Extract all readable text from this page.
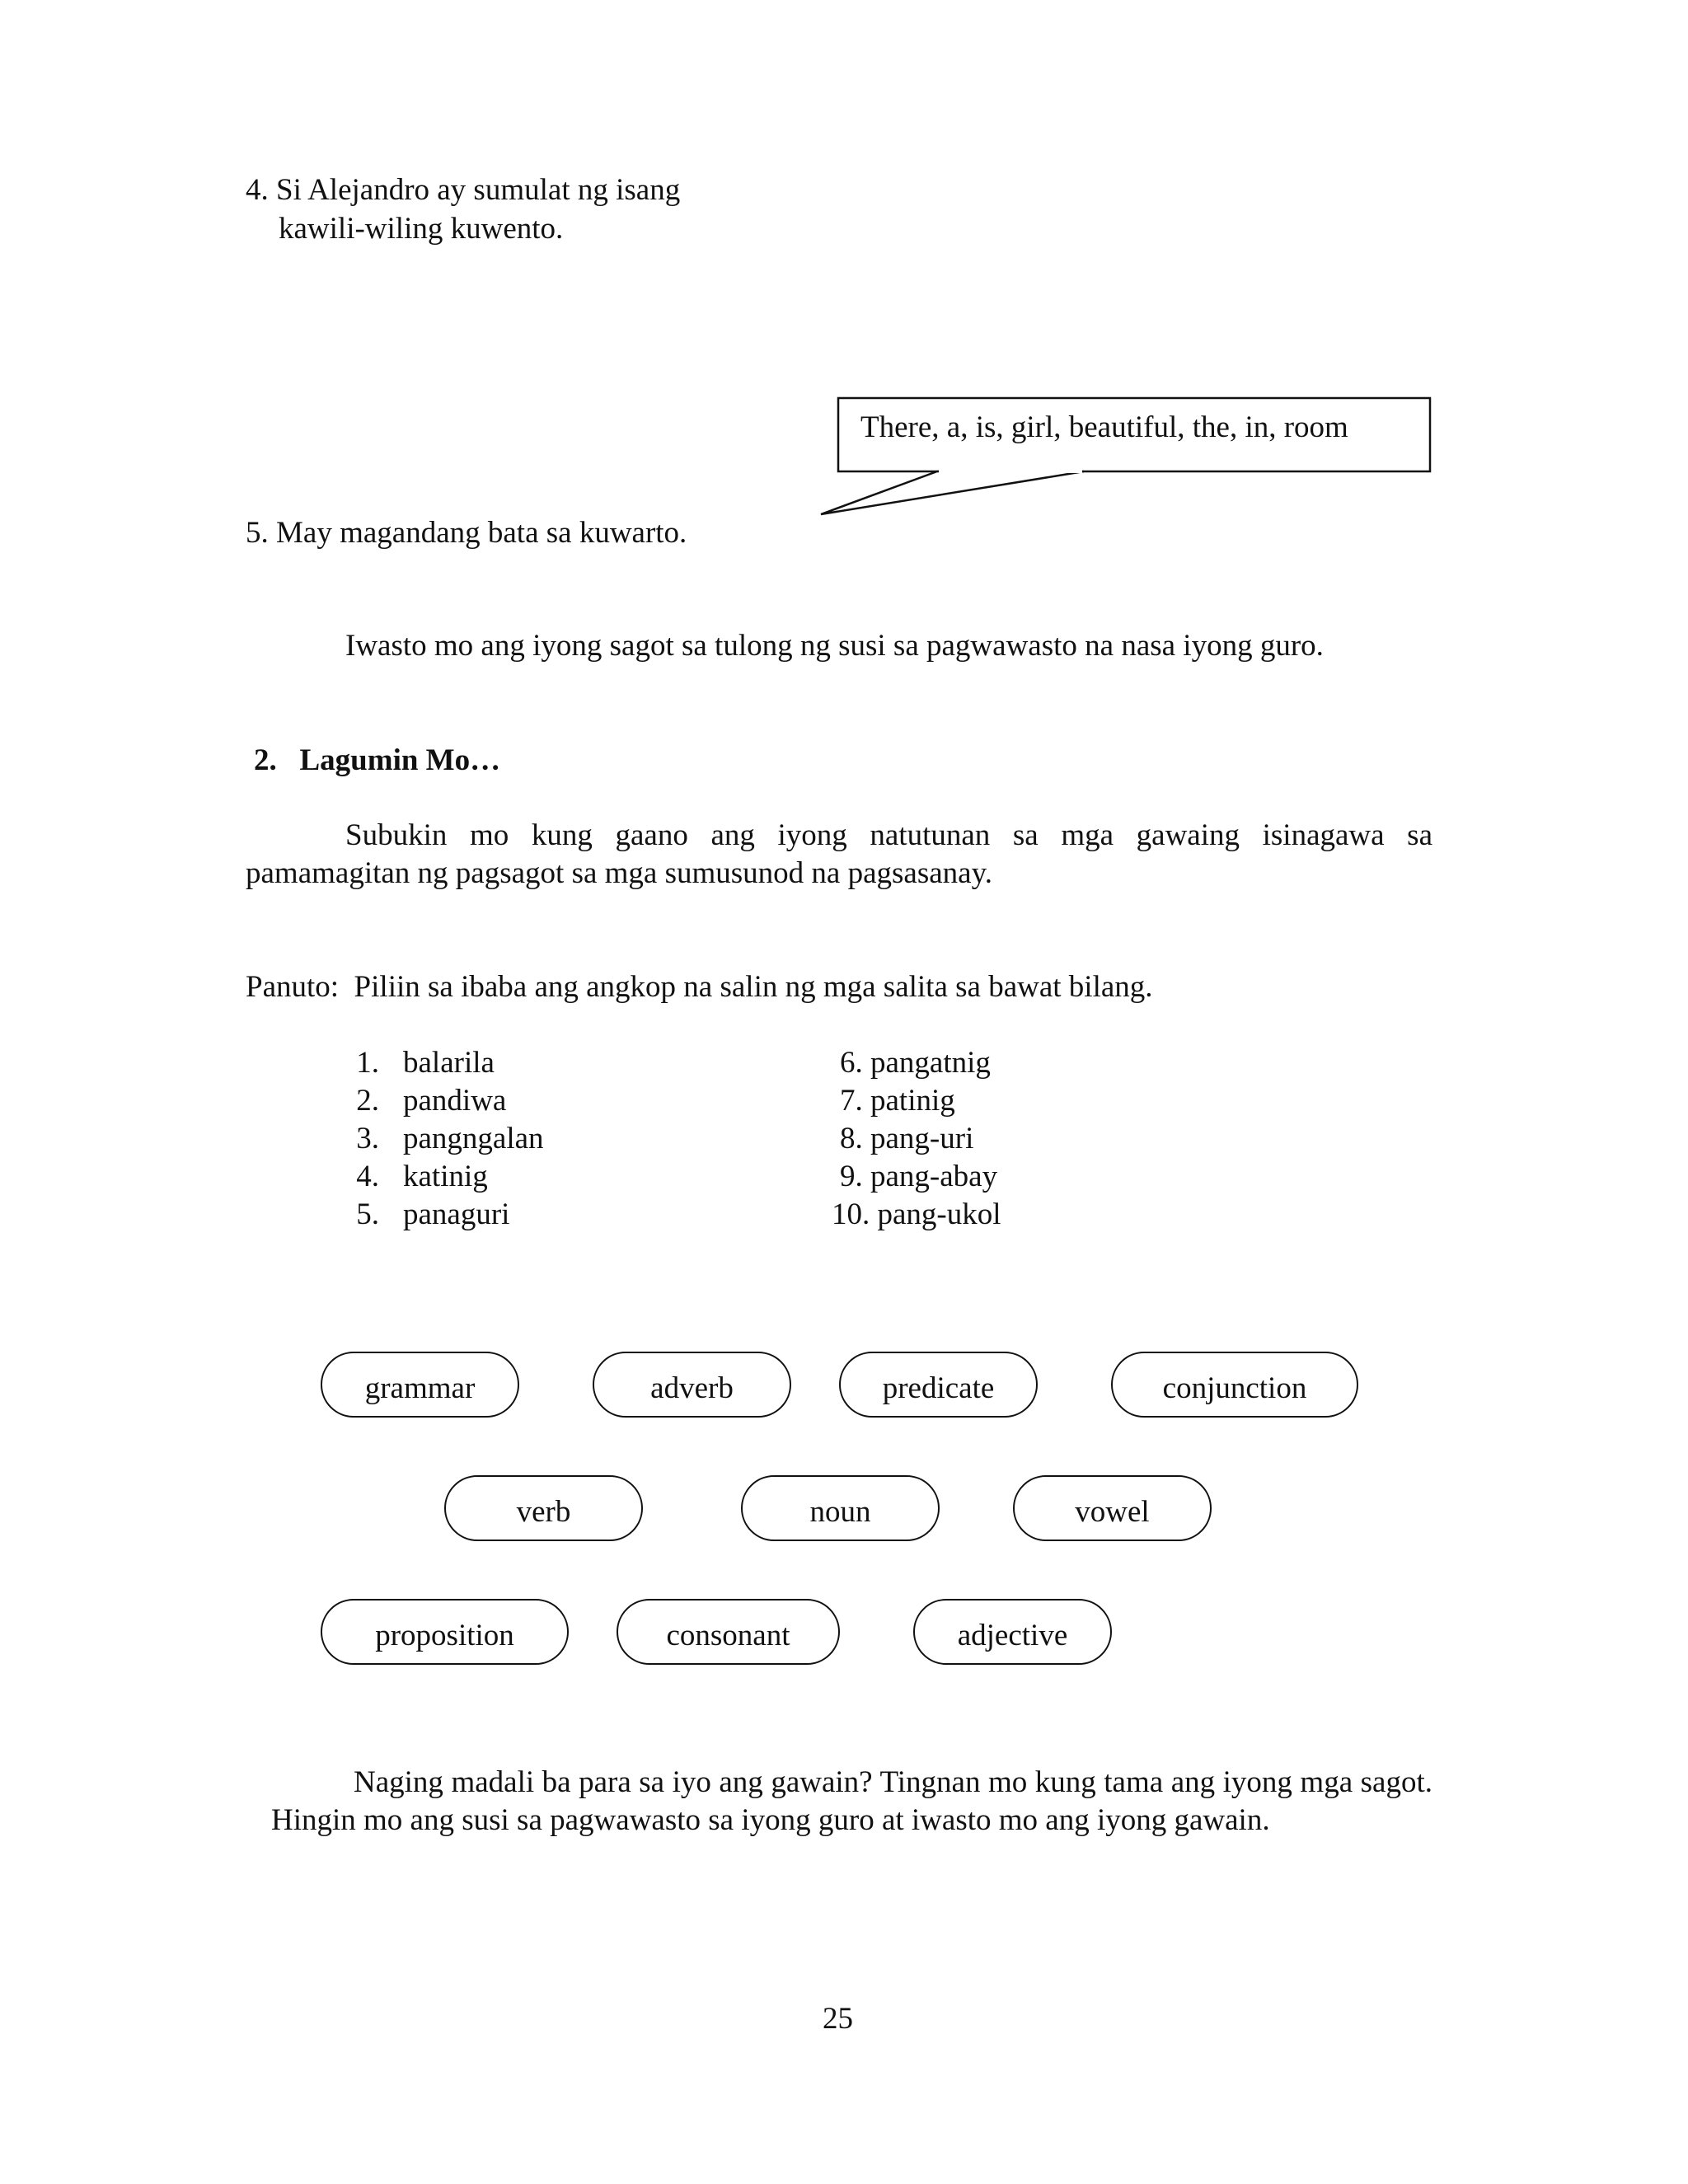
4. Si Alejandro ay sumulat ng isang
kawili-wiling kuwento.
There, a, is, girl, beautiful, the, in, room
5. May magandang bata sa kuwarto.
Iwasto mo ang iyong sagot sa tulong ng susi sa pagwawasto na nasa iyong guro.
2.   Lagumin Mo…
Subukin mo kung gaano ang iyong natutunan sa mga gawaing isinagawa sa pamamagitan ng pagsagot sa mga sumusunod na pagsasanay.
Panuto:  Piliin sa ibaba ang angkop na salin ng mga salita sa bawat bilang.
1. balarila
2. pandiwa
3. pangngalan
4. katinig
5. panaguri
6. pangatnig
7. patinig
8. pang-uri
9. pang-abay
10. pang-ukol
grammar	adverb	predicate	conjunction
verb	noun	vowel
proposition	consonant	adjective
Naging madali ba para sa iyo ang gawain? Tingnan mo kung tama ang iyong mga sagot. Hingin mo ang susi sa pagwawasto sa iyong guro at iwasto mo ang iyong gawain.
25
